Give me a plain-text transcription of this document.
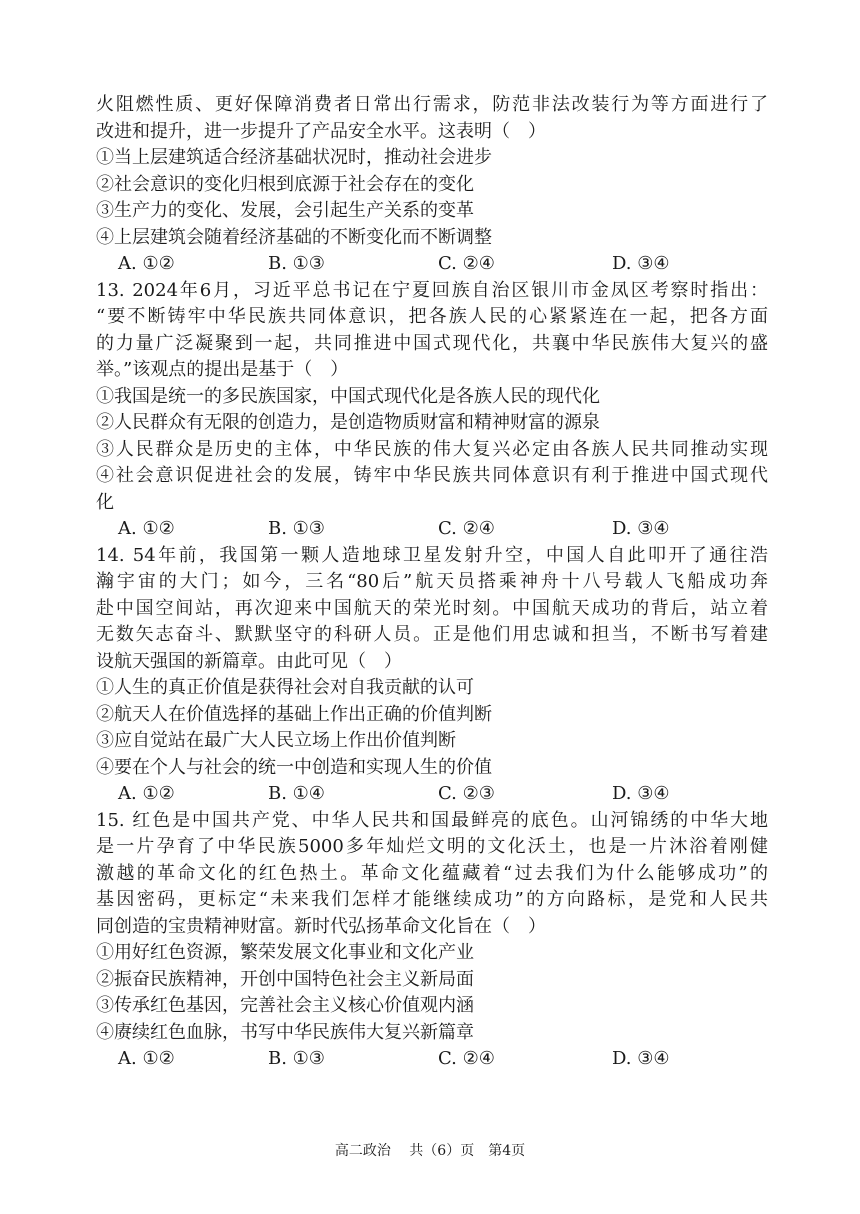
火阻燃性质、更好保障消费者日常出行需求，防范非法改装行为等方面进行了
改进和提升，进一步提升了产品安全水平。这表明（　）
①当上层建筑适合经济基础状况时，推动社会进步
②社会意识的变化归根到底源于社会存在的变化
③生产力的变化、发展，会引起生产关系的变革
④上层建筑会随着经济基础的不断变化而不断调整
A. ①②	B. ①③	C. ②④	D. ③④
13. 2024年6月，习近平总书记在宁夏回族自治区银川市金凤区考察时指出：
“要不断铸牢中华民族共同体意识，把各族人民的心紧紧连在一起，把各方面
的力量广泛凝聚到一起，共同推进中国式现代化，共襄中华民族伟大复兴的盛
举。”该观点的提出是基于（　）
①我国是统一的多民族国家，中国式现代化是各族人民的现代化
②人民群众有无限的创造力，是创造物质财富和精神财富的源泉
③人民群众是历史的主体，中华民族的伟大复兴必定由各族人民共同推动实现
④社会意识促进社会的发展，铸牢中华民族共同体意识有利于推进中国式现代
化
A. ①②	B. ①③	C. ②④	D. ③④
14. 54年前，我国第一颗人造地球卫星发射升空，中国人自此叩开了通往浩
瀚宇宙的大门；如今，三名“80后”航天员搭乘神舟十八号载人飞船成功奔
赴中国空间站，再次迎来中国航天的荣光时刻。中国航天成功的背后，站立着
无数矢志奋斗、默默坚守的科研人员。正是他们用忠诚和担当，不断书写着建
设航天强国的新篇章。由此可见（　）
①人生的真正价值是获得社会对自我贡献的认可
②航天人在价值选择的基础上作出正确的价值判断
③应自觉站在最广大人民立场上作出价值判断
④要在个人与社会的统一中创造和实现人生的价值
A. ①②	B. ①④	C. ②③	D. ③④
15. 红色是中国共产党、中华人民共和国最鲜亮的底色。山河锦绣的中华大地
是一片孕育了中华民族5000多年灿烂文明的文化沃土，也是一片沐浴着刚健
激越的革命文化的红色热土。革命文化蕴藏着“过去我们为什么能够成功”的
基因密码，更标定“未来我们怎样才能继续成功”的方向路标，是党和人民共
同创造的宝贵精神财富。新时代弘扬革命文化旨在（　）
①用好红色资源，繁荣发展文化事业和文化产业
②振奋民族精神，开创中国特色社会主义新局面
③传承红色基因，完善社会主义核心价值观内涵
④赓续红色血脉，书写中华民族伟大复兴新篇章
A. ①②	B. ①③	C. ②④	D. ③④
高二政治　 共（6）页　第4页
